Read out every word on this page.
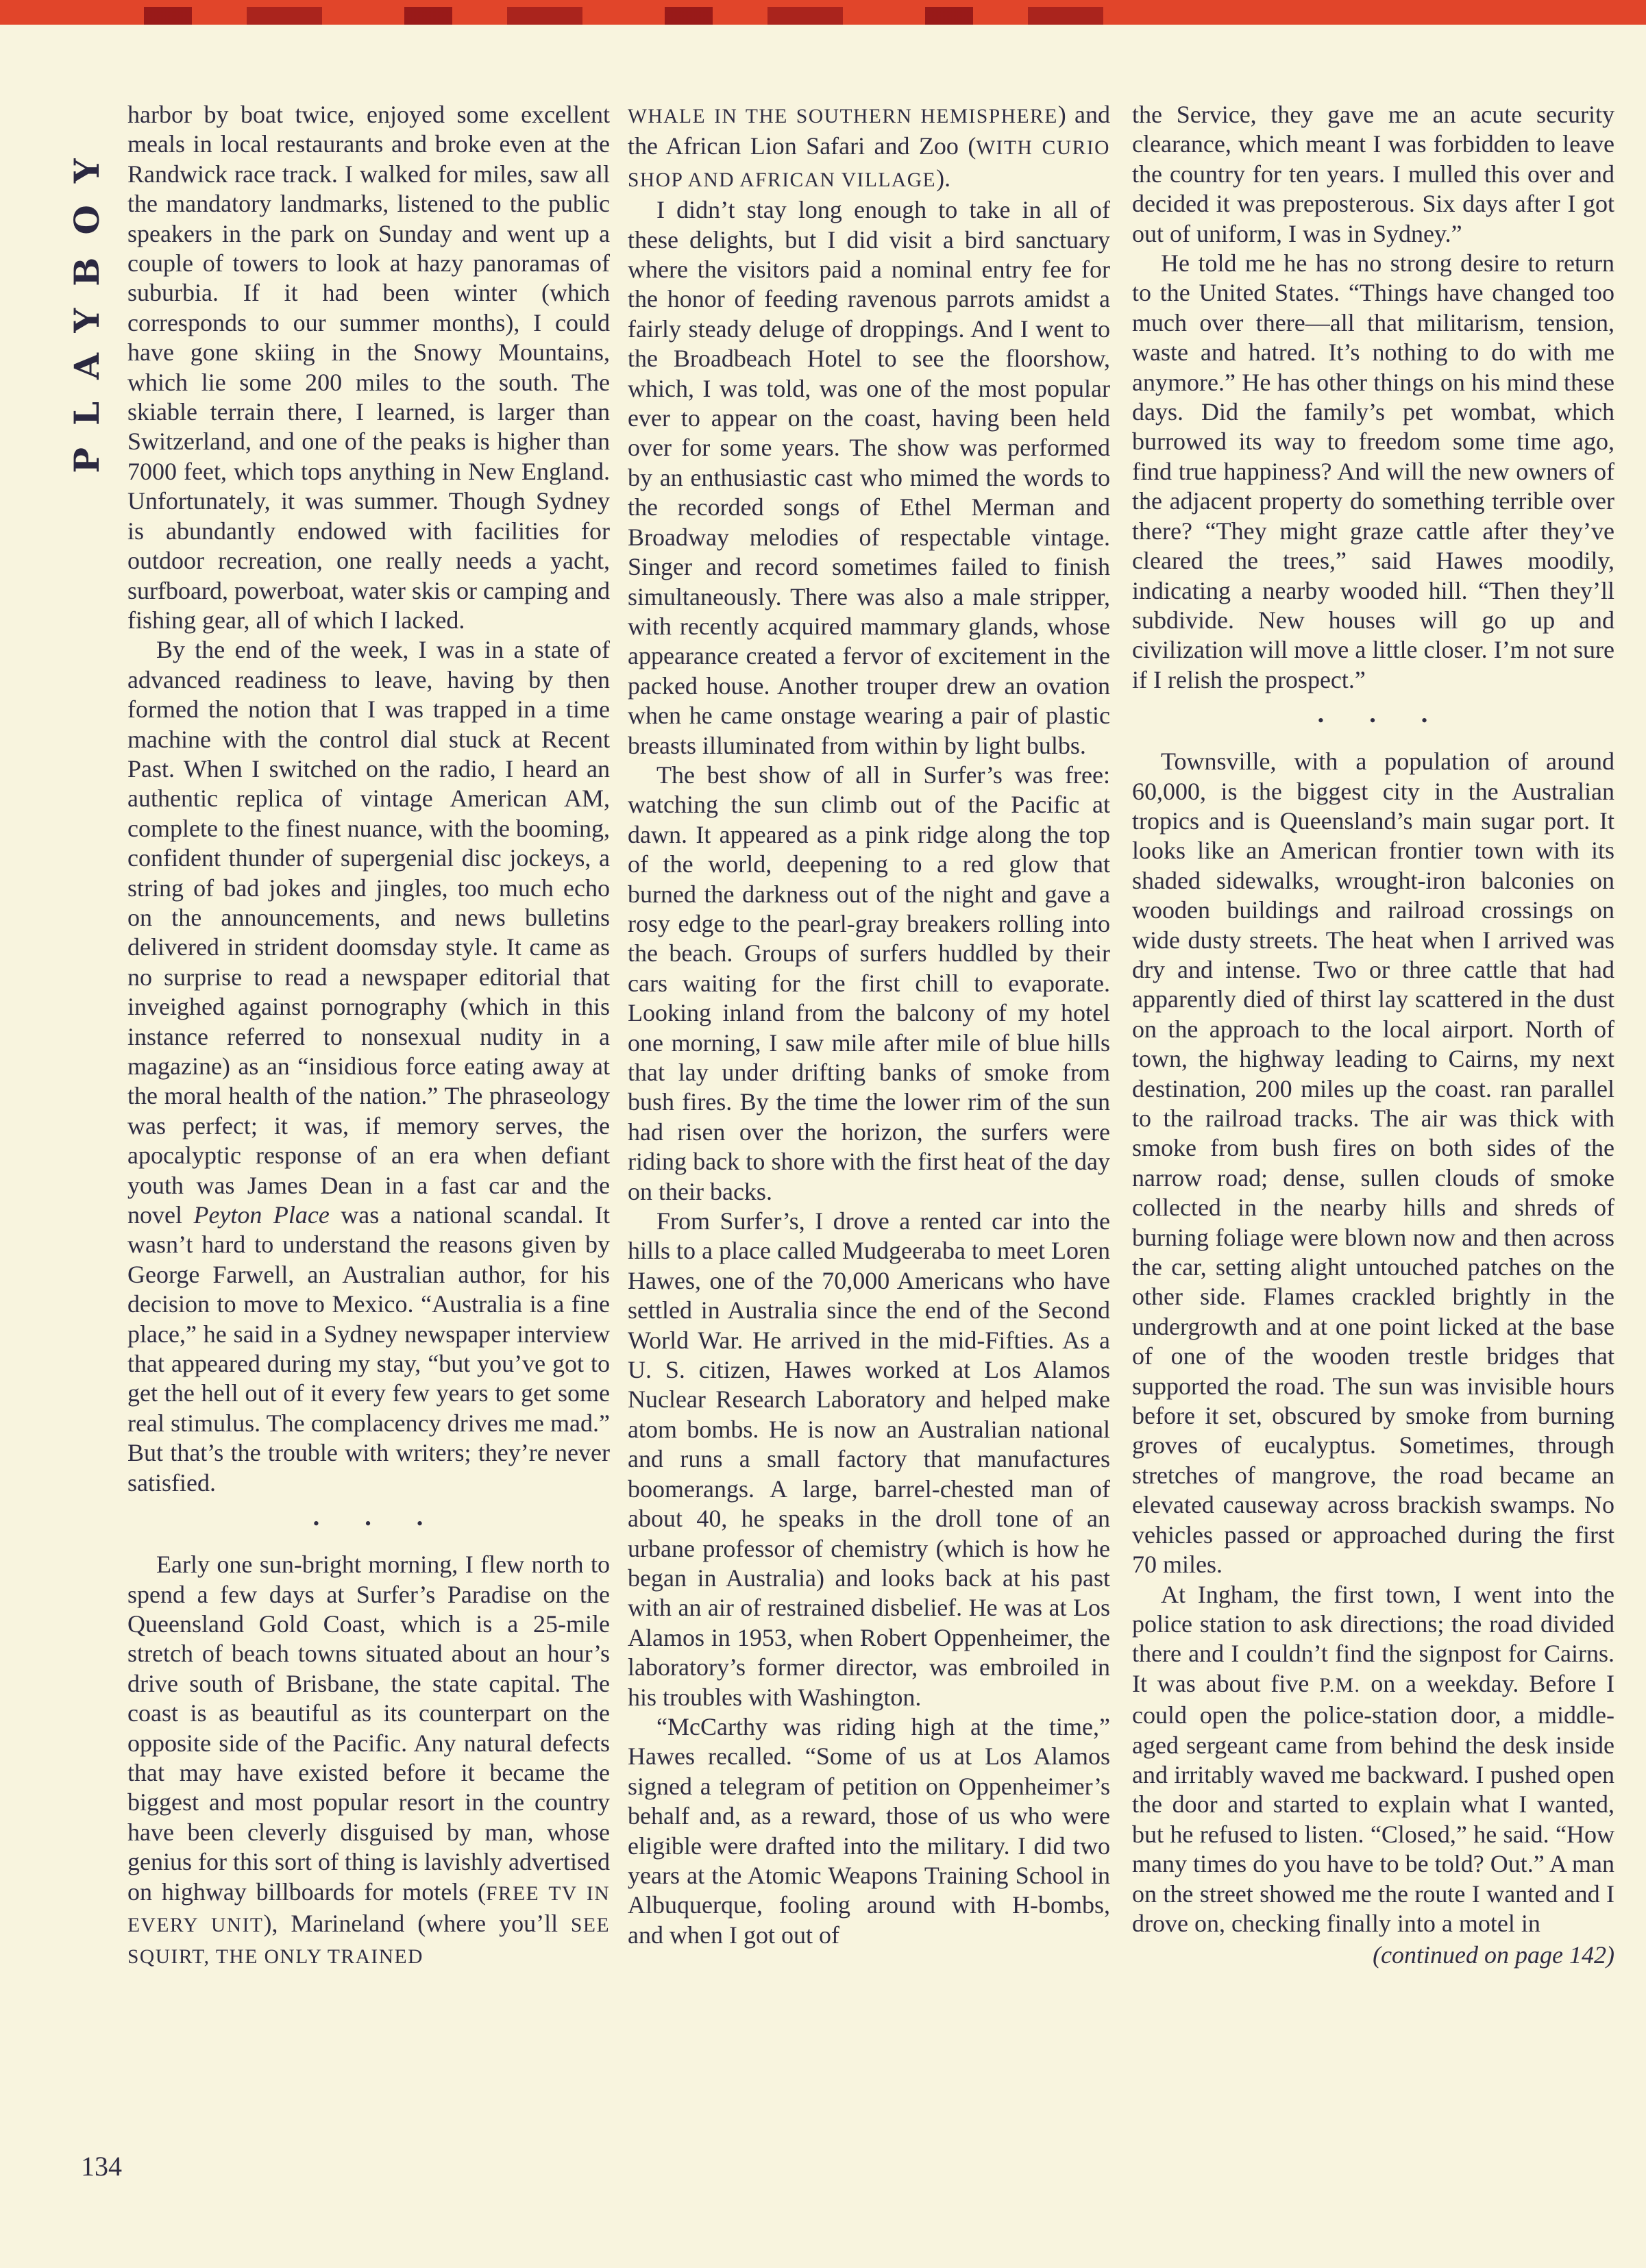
PLAYBOY

harbor by boat twice, enjoyed some excellent meals in local restaurants and broke even at the Randwick race track. I walked for miles, saw all the mandatory landmarks, listened to the public speakers in the park on Sunday and went up a couple of towers to look at hazy panoramas of suburbia. If it had been winter (which corresponds to our summer months), I could have gone skiing in the Snowy Mountains, which lie some 200 miles to the south. The skiable terrain there, I learned, is larger than Switzerland, and one of the peaks is higher than 7000 feet, which tops anything in New England. Unfortunately, it was summer. Though Sydney is abundantly endowed with facilities for outdoor recreation, one really needs a yacht, surfboard, powerboat, water skis or camping and fishing gear, all of which I lacked.

By the end of the week, I was in a state of advanced readiness to leave, having by then formed the notion that I was trapped in a time machine with the control dial stuck at Recent Past. When I switched on the radio, I heard an authentic replica of vintage American AM, complete to the finest nuance, with the booming, confident thunder of supergenial disc jockeys, a string of bad jokes and jingles, too much echo on the announcements, and news bulletins delivered in strident doomsday style. It came as no surprise to read a newspaper editorial that inveighed against pornography (which in this instance referred to nonsexual nudity in a magazine) as an “insidious force eating away at the moral health of the nation.” The phraseology was perfect; it was, if memory serves, the apocalyptic response of an era when defiant youth was James Dean in a fast car and the novel Peyton Place was a national scandal. It wasn’t hard to understand the reasons given by George Farwell, an Australian author, for his decision to move to Mexico. “Australia is a fine place,” he said in a Sydney newspaper interview that appeared during my stay, “but you’ve got to get the hell out of it every few years to get some real stimulus. The complacency drives me mad.” But that’s the trouble with writers; they’re never satisfied.

• • •

Early one sun-bright morning, I flew north to spend a few days at Surfer’s Paradise on the Queensland Gold Coast, which is a 25-mile stretch of beach towns situated about an hour’s drive south of Brisbane, the state capital. The coast is as beautiful as its counterpart on the opposite side of the Pacific. Any natural defects that may have existed before it became the biggest and most popular resort in the country have been cleverly disguised by man, whose genius for this sort of thing is lavishly advertised on highway billboards for motels (FREE TV IN EVERY UNIT), Marineland (where you’ll SEE SQUIRT, THE ONLY TRAINED

WHALE IN THE SOUTHERN HEMISPHERE) and the African Lion Safari and Zoo (WITH CURIO SHOP AND AFRICAN VILLAGE).

I didn’t stay long enough to take in all of these delights, but I did visit a bird sanctuary where the visitors paid a nominal entry fee for the honor of feeding ravenous parrots amidst a fairly steady deluge of droppings. And I went to the Broadbeach Hotel to see the floorshow, which, I was told, was one of the most popular ever to appear on the coast, having been held over for some years. The show was performed by an enthusiastic cast who mimed the words to the recorded songs of Ethel Merman and Broadway melodies of respectable vintage. Singer and record sometimes failed to finish simultaneously. There was also a male stripper, with recently acquired mammary glands, whose appearance created a fervor of excitement in the packed house. Another trouper drew an ovation when he came onstage wearing a pair of plastic breasts illuminated from within by light bulbs.

The best show of all in Surfer’s was free: watching the sun climb out of the Pacific at dawn. It appeared as a pink ridge along the top of the world, deepening to a red glow that burned the darkness out of the night and gave a rosy edge to the pearl-gray breakers rolling into the beach. Groups of surfers huddled by their cars waiting for the first chill to evaporate. Looking inland from the balcony of my hotel one morning, I saw mile after mile of blue hills that lay under drifting banks of smoke from bush fires. By the time the lower rim of the sun had risen over the horizon, the surfers were riding back to shore with the first heat of the day on their backs.

From Surfer’s, I drove a rented car into the hills to a place called Mudgeeraba to meet Loren Hawes, one of the 70,000 Americans who have settled in Australia since the end of the Second World War. He arrived in the mid-Fifties. As a U. S. citizen, Hawes worked at Los Alamos Nuclear Research Laboratory and helped make atom bombs. He is now an Australian national and runs a small factory that manufactures boomerangs. A large, barrel-chested man of about 40, he speaks in the droll tone of an urbane professor of chemistry (which is how he began in Australia) and looks back at his past with an air of restrained disbelief. He was at Los Alamos in 1953, when Robert Oppenheimer, the laboratory’s former director, was embroiled in his troubles with Washington.

“McCarthy was riding high at the time,” Hawes recalled. “Some of us at Los Alamos signed a telegram of petition on Oppenheimer’s behalf and, as a reward, those of us who were eligible were drafted into the military. I did two years at the Atomic Weapons Training School in Albuquerque, fooling around with H-bombs, and when I got out of

the Service, they gave me an acute security clearance, which meant I was forbidden to leave the country for ten years. I mulled this over and decided it was preposterous. Six days after I got out of uniform, I was in Sydney.”

He told me he has no strong desire to return to the United States. “Things have changed too much over there—all that militarism, tension, waste and hatred. It’s nothing to do with me anymore.” He has other things on his mind these days. Did the family’s pet wombat, which burrowed its way to freedom some time ago, find true happiness? And will the new owners of the adjacent property do something terrible over there? “They might graze cattle after they’ve cleared the trees,” said Hawes moodily, indicating a nearby wooded hill. “Then they’ll subdivide. New houses will go up and civilization will move a little closer. I’m not sure if I relish the prospect.”

• • •

Townsville, with a population of around 60,000, is the biggest city in the Australian tropics and is Queensland’s main sugar port. It looks like an American frontier town with its shaded sidewalks, wrought-iron balconies on wooden buildings and railroad crossings on wide dusty streets. The heat when I arrived was dry and intense. Two or three cattle that had apparently died of thirst lay scattered in the dust on the approach to the local airport. North of town, the highway leading to Cairns, my next destination, 200 miles up the coast. ran parallel to the railroad tracks. The air was thick with smoke from bush fires on both sides of the narrow road; dense, sullen clouds of smoke collected in the nearby hills and shreds of burning foliage were blown now and then across the car, setting alight untouched patches on the other side. Flames crackled brightly in the undergrowth and at one point licked at the base of one of the wooden trestle bridges that supported the road. The sun was invisible hours before it set, obscured by smoke from burning groves of eucalyptus. Sometimes, through stretches of mangrove, the road became an elevated causeway across brackish swamps. No vehicles passed or approached during the first 70 miles.

At Ingham, the first town, I went into the police station to ask directions; the road divided there and I couldn’t find the signpost for Cairns. It was about five P.M. on a weekday. Before I could open the police-station door, a middle-aged sergeant came from behind the desk inside and irritably waved me backward. I pushed open the door and started to explain what I wanted, but he refused to listen. “Closed,” he said. “How many times do you have to be told? Out.” A man on the street showed me the route I wanted and I drove on, checking finally into a motel in

(continued on page 142)

134
